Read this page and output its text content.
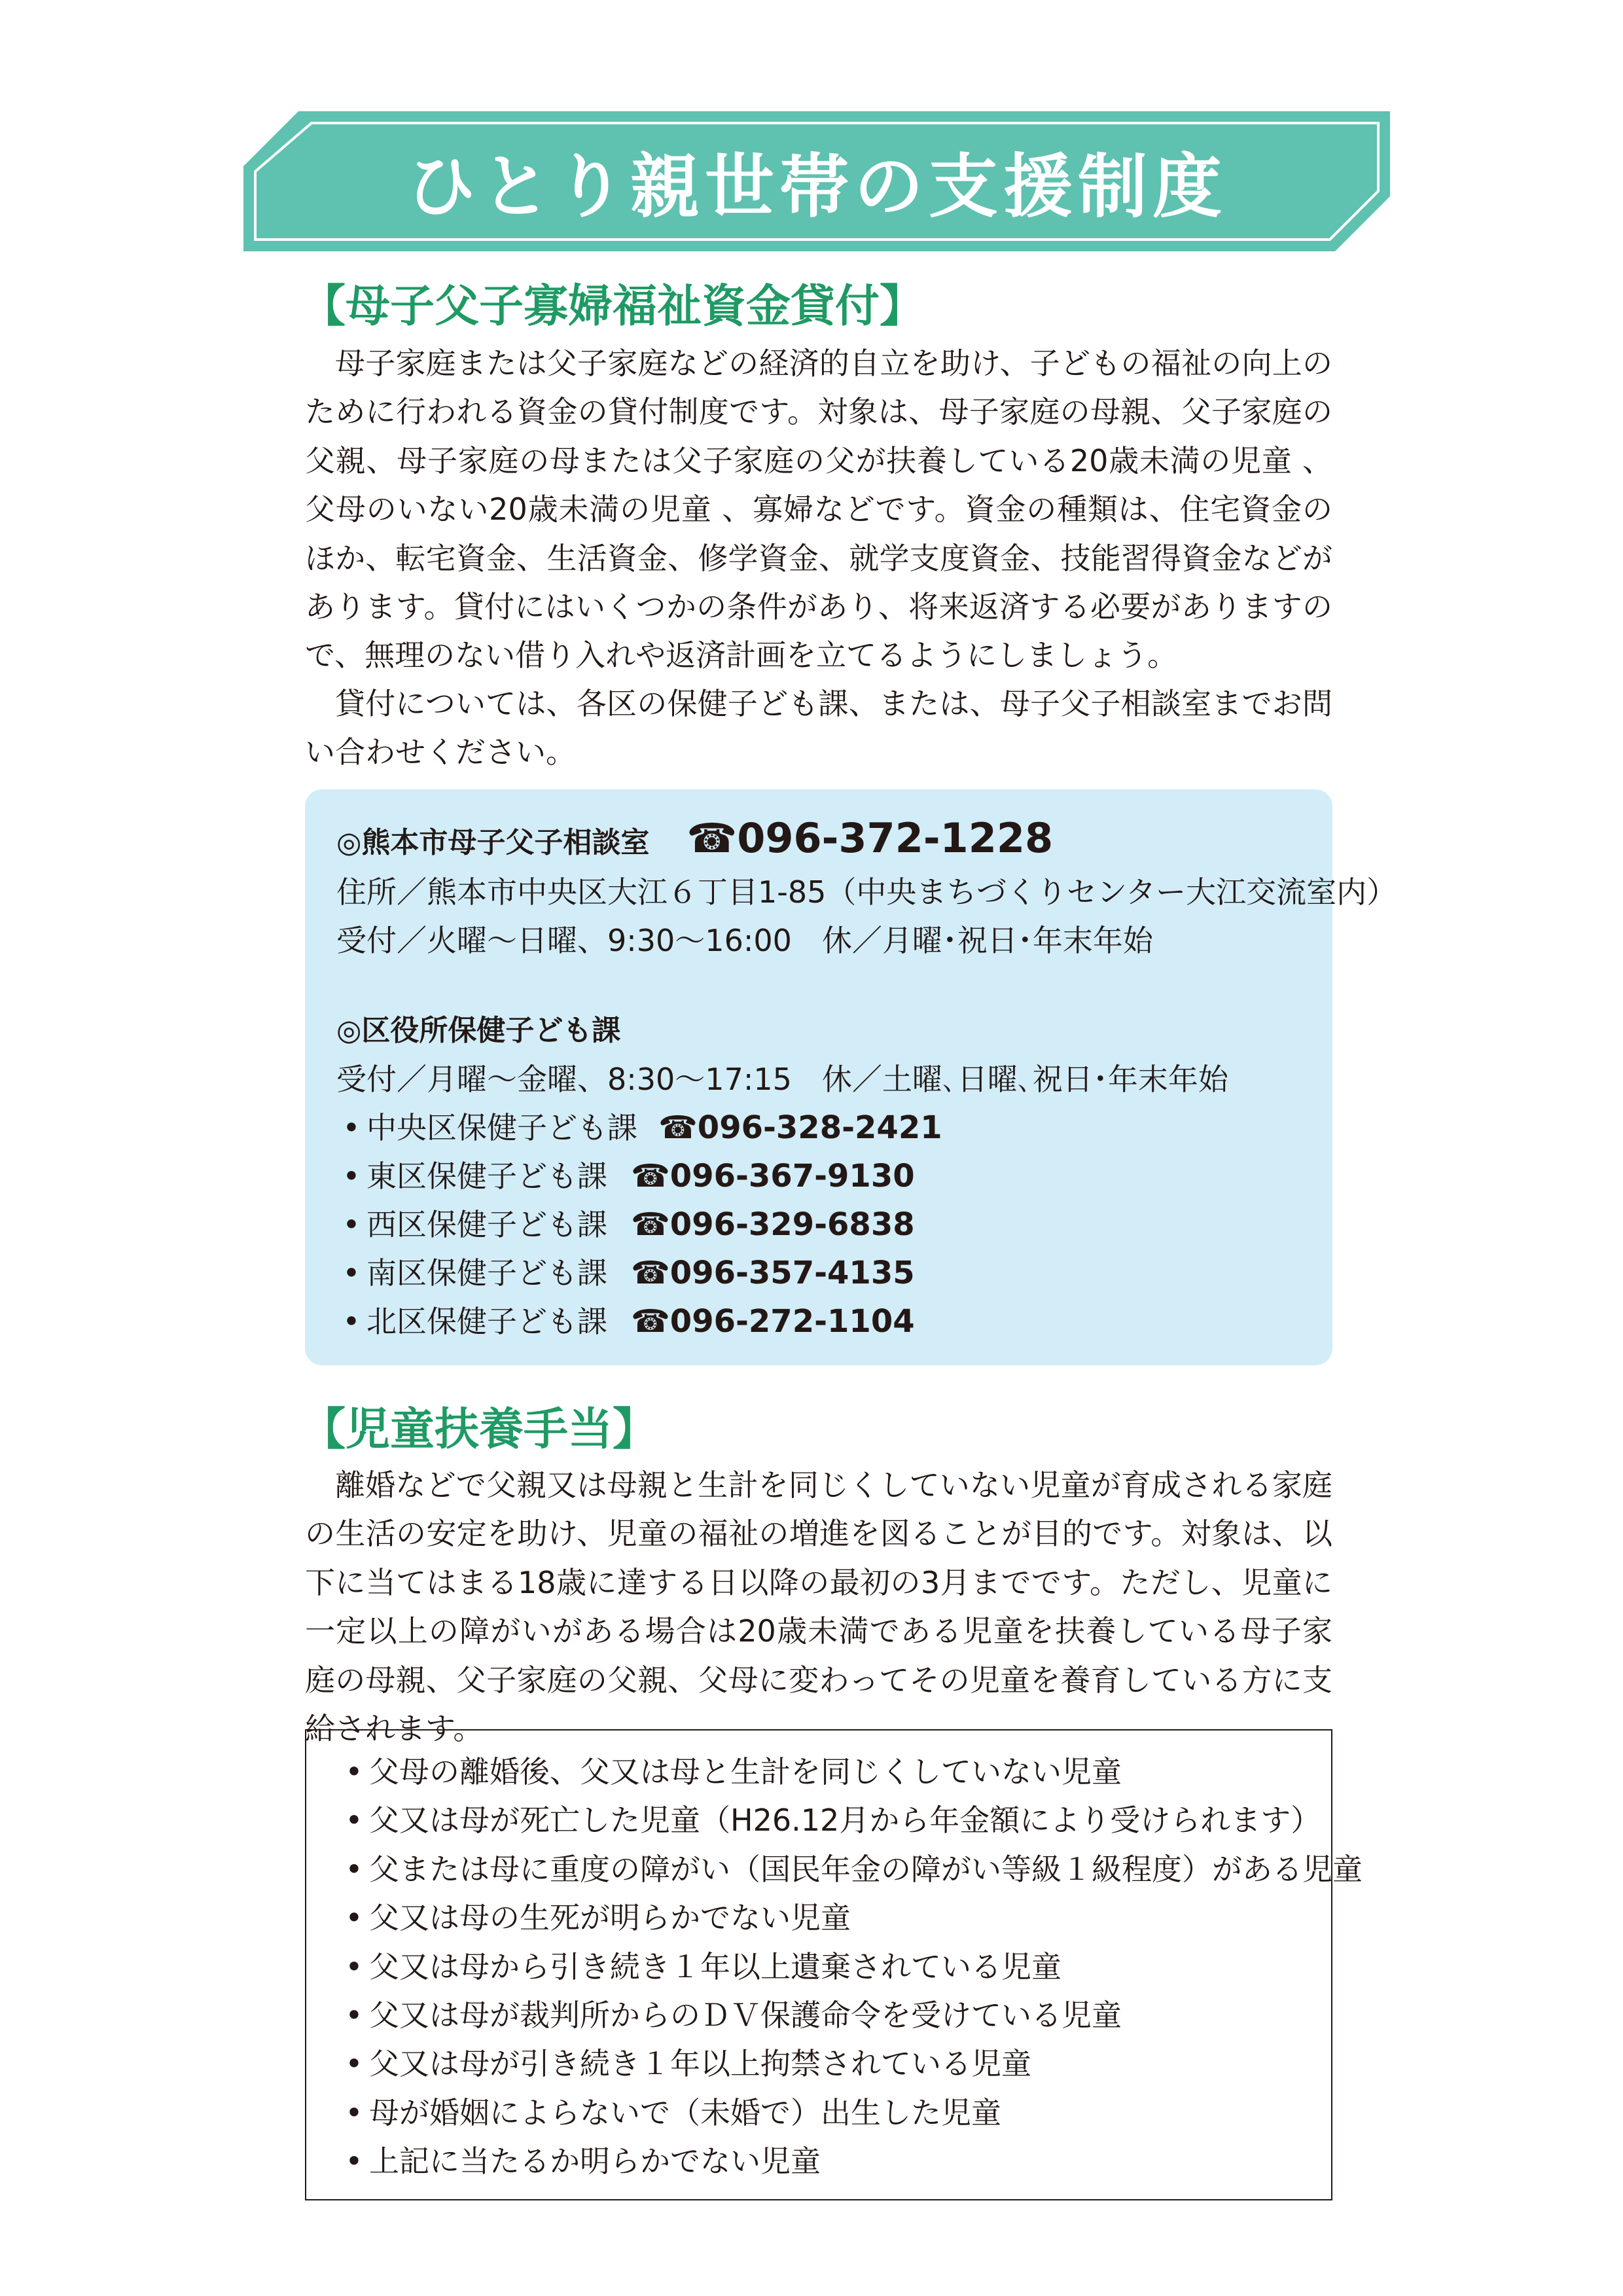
ひとり親世帯の支援制度
【母子父子寡婦福祉資金貸付】
母子家庭または父子家庭などの経済的自立を助け、子どもの福祉の向上のために行われる資金の貸付制度です。対象は、母子家庭の母親、父子家庭の父親、母子家庭の母または父子家庭の父が扶養している20歳未満の児童 、父母のいない20歳未満の児童 、寡婦などです。資金の種類は、住宅資金のほか、転宅資金、生活資金、修学資金、就学支度資金、技能習得資金などがあります。貸付にはいくつかの条件があり、将来返済する必要がありますので、無理のない借り入れや返済計画を立てるようにしましょう。
貸付については、各区の保健子ども課、または、母子父子相談室までお問い合わせください。
◎熊本市母子父子相談室 ☎096-372-1228
住所／熊本市中央区大江６丁目1-85（中央まちづくりセンター大江交流室内）
受付／火曜～日曜、9:30～16:00　休／月曜･祝日･年末年始
◎区役所保健子ども課
受付／月曜～金曜、8:30～17:15　休／土曜､日曜､祝日･年末年始
• 中央区保健子ども課 ☎096-328-2421
• 東区保健子ども課 ☎096-367-9130
• 西区保健子ども課 ☎096-329-6838
• 南区保健子ども課 ☎096-357-4135
• 北区保健子ども課 ☎096-272-1104
【児童扶養手当】
離婚などで父親又は母親と生計を同じくしていない児童が育成される家庭の生活の安定を助け、児童の福祉の増進を図ることが目的です。対象は、以下に当てはまる18歳に達する日以降の最初の3月までです。ただし、児童に一定以上の障がいがある場合は20歳未満である児童を扶養している母子家庭の母親、父子家庭の父親、父母に変わってその児童を養育している方に支給されます。
• 父母の離婚後、父又は母と生計を同じくしていない児童
• 父又は母が死亡した児童（H26.12月から年金額により受けられます）
• 父または母に重度の障がい（国民年金の障がい等級１級程度）がある児童
• 父又は母の生死が明らかでない児童
• 父又は母から引き続き１年以上遺棄されている児童
• 父又は母が裁判所からのＤＶ保護命令を受けている児童
• 父又は母が引き続き１年以上拘禁されている児童
• 母が婚姻によらないで（未婚で）出生した児童
• 上記に当たるか明らかでない児童
